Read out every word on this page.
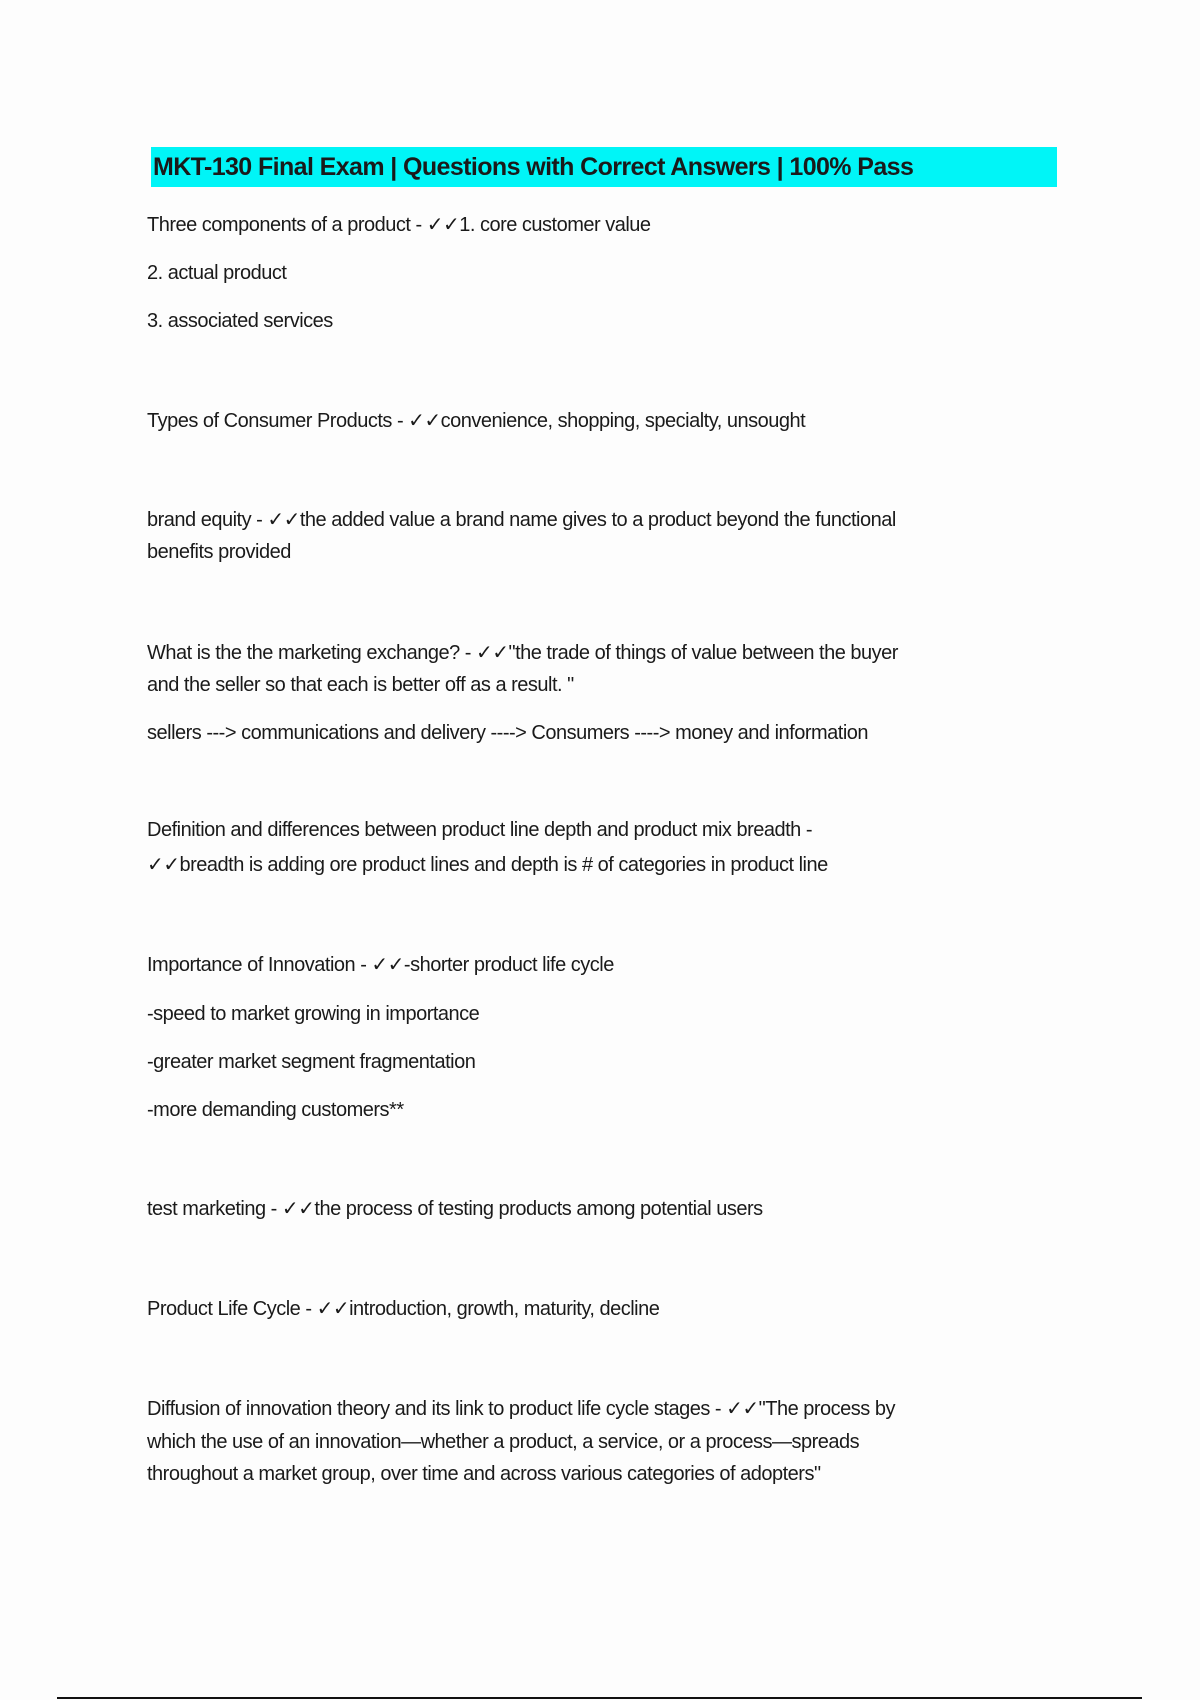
MKT-130 Final Exam | Questions with Correct Answers | 100% Pass
Three components of a product - ✓✓1. core customer value
2. actual product
3. associated services
Types of Consumer Products - ✓✓convenience, shopping, specialty, unsought
brand equity - ✓✓the added value a brand name gives to a product beyond the functional
benefits provided
What is the the marketing exchange? - ✓✓"the trade of things of value between the buyer
and the seller so that each is better off as a result. "
sellers ---> communications and delivery ----> Consumers ----> money and information
Definition and differences between product line depth and product mix breadth -
✓✓breadth is adding ore product lines and depth is # of categories in product line
Importance of Innovation - ✓✓-shorter product life cycle
-speed to market growing in importance
-greater market segment fragmentation
-more demanding customers**
test marketing - ✓✓the process of testing products among potential users
Product Life Cycle - ✓✓introduction, growth, maturity, decline
Diffusion of innovation theory and its link to product life cycle stages - ✓✓"The process by
which the use of an innovation—whether a product, a service, or a process—spreads
throughout a market group, over time and across various categories of adopters"
